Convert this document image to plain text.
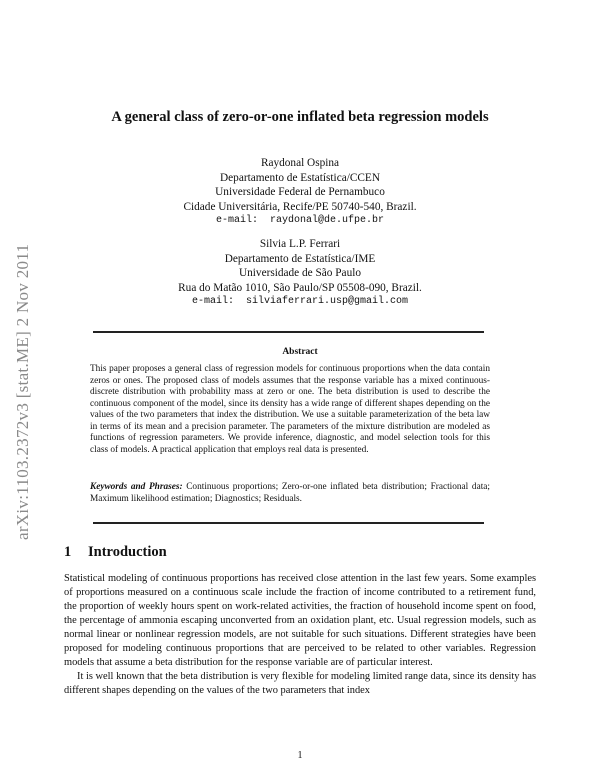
arXiv:1103.2372v3 [stat.ME] 2 Nov 2011
A general class of zero-or-one inflated beta regression models
Raydonal Ospina
Departamento de Estatística/CCEN
Universidade Federal de Pernambuco
Cidade Universitária, Recife/PE 50740-540, Brazil.
e-mail: raydonal@de.ufpe.br
Silvia L.P. Ferrari
Departamento de Estatística/IME
Universidade de São Paulo
Rua do Matão 1010, São Paulo/SP 05508-090, Brazil.
e-mail: silviaferrari.usp@gmail.com
Abstract
This paper proposes a general class of regression models for continuous proportions when the data contain zeros or ones. The proposed class of models assumes that the response variable has a mixed continuous-discrete distribution with probability mass at zero or one. The beta distribution is used to describe the continuous component of the model, since its density has a wide range of different shapes depending on the values of the two parameters that index the distribution. We use a suitable parameterization of the beta law in terms of its mean and a precision parameter. The parameters of the mixture distribution are modeled as functions of regression parameters. We provide inference, diagnostic, and model selection tools for this class of models. A practical application that employs real data is presented.
Keywords and Phrases: Continuous proportions; Zero-or-one inflated beta distribution; Fractional data; Maximum likelihood estimation; Diagnostics; Residuals.
1 Introduction

Statistical modeling of continuous proportions has received close attention in the last few years. Some examples of proportions measured on a continuous scale include the fraction of income contributed to a retirement fund, the proportion of weekly hours spent on work-related activities, the fraction of household income spent on food, the percentage of ammonia escaping unconverted from an oxidation plant, etc. Usual regression models, such as normal linear or nonlinear regression models, are not suitable for such situations. Different strategies have been proposed for modeling continuous proportions that are perceived to be related to other variables. Regression models that assume a beta distribution for the response variable are of particular interest.

It is well known that the beta distribution is very flexible for modeling limited range data, since its density has different shapes depending on the values of the two parameters that index

1
